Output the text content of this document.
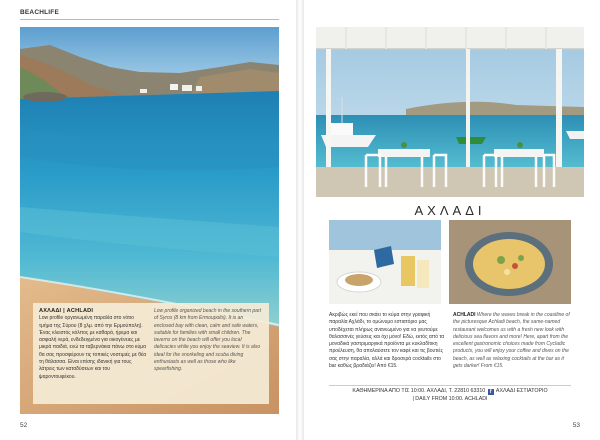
BEACHLIFE
ΑΧΛΑΔΙ | ACHLADI
Low profile οργανωμένη παραλία στο νότιο τμήμα της Σύρου (8 χλμ. από την Ερμούπολη). Ένας κλειστός κόλπος με καθαρά, ήρεμα και ασφαλή νερά, ενδεδειγμένα για οικογένειες με μικρά παιδιά, ενώ τα ταβερνάκια πάνω στο κύμα θα σας προσφέρουν τις τοπικές νοστιμιές με θέα τη θάλασσα. Είναι επίσης ιδανική για τους λάτρεις των καταδύσεων και του ψαροντουφέκου.
Low profile organized beach in the southern part of Syros (8 km from Ermoupolis). It is an enclosed bay with clean, calm and safe waters, suitable for families with small children. The taverns on the beach will offer you local delicacies while you enjoy the seaview. It is also ideal for the snorkeling and scuba diving enthusiasts as well as those who like spearfishing.
52
ΑΧΛΑΔΙ
Ακριβώς εκεί που σκάει το κύμα στην γραφική παραλία Αχλάδι, το ομώνυμο εστιατόριο μας υποδέχεται πλήρως ανανεωμένο για να γευτούμε θαλασσινές γεύσεις και όχι μόνο! Εδώ, εκτός από τα μοναδικά γαστριμαργικά προϊόντα με κυκλαδίτικη προέλευση, θα απολαύσετε τον καφέ και τις βουτιές σας στην παραλία, αλλά και δροσερά cocktails στο bar καθώς βραδιάζει! Από €15.
ACHLADI Where the waves break in the coastline of the picturesque Achladi beach, the same-named restaurant welcomes us with a fresh new look with delicious sea flavors and more! Here, apart from the excellent gastronomic choices made from Cycladic products, you will enjoy your coffee and dives on the beach, as well as relaxing cocktails at the bar as it gets darker! From €15.
ΚΑΘΗΜΕΡΙΝΑ ΑΠΟ ΤΙΣ 10:00. ΑΧΛΑΔΙ, Τ. 22810 63310 f ΑΧΛΑΔΙ ΕΣΤΙΑΤΟΡΙΟ
| DAILY FROM 10:00. ACHLADI
53
